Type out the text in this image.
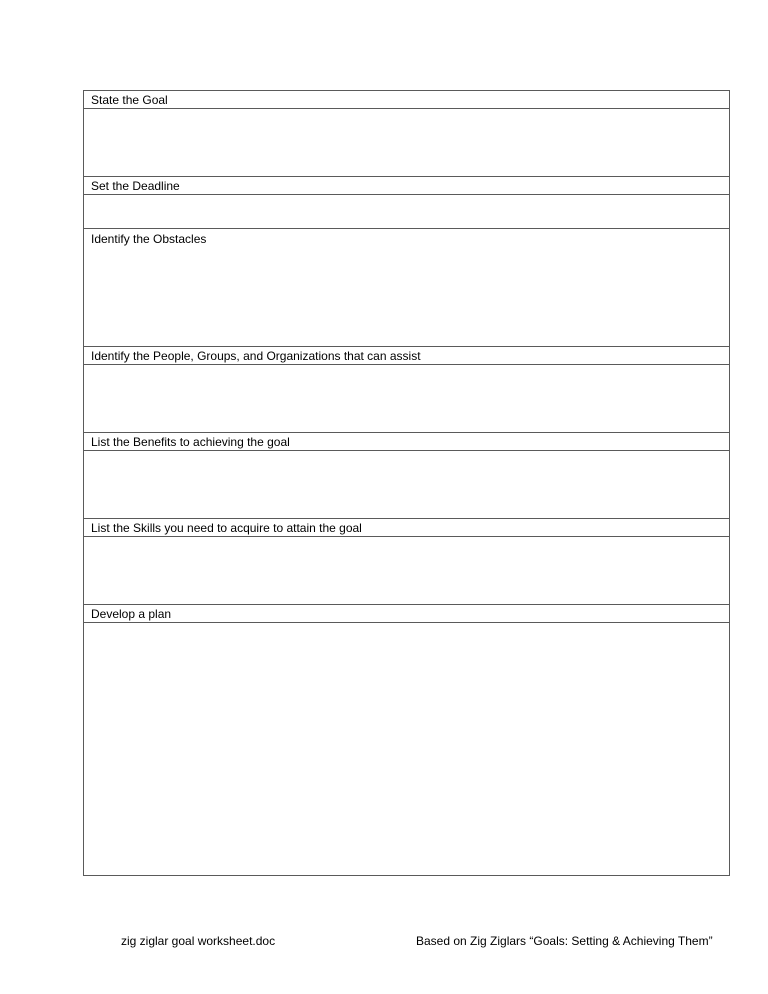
State the Goal
Set the Deadline
Identify the Obstacles
Identify the People, Groups, and Organizations that can assist
List the Benefits to achieving the goal
List the Skills you need to acquire to attain the goal
Develop a plan
zig ziglar goal worksheet.doc	Based on Zig Ziglars “Goals: Setting & Achieving Them”
